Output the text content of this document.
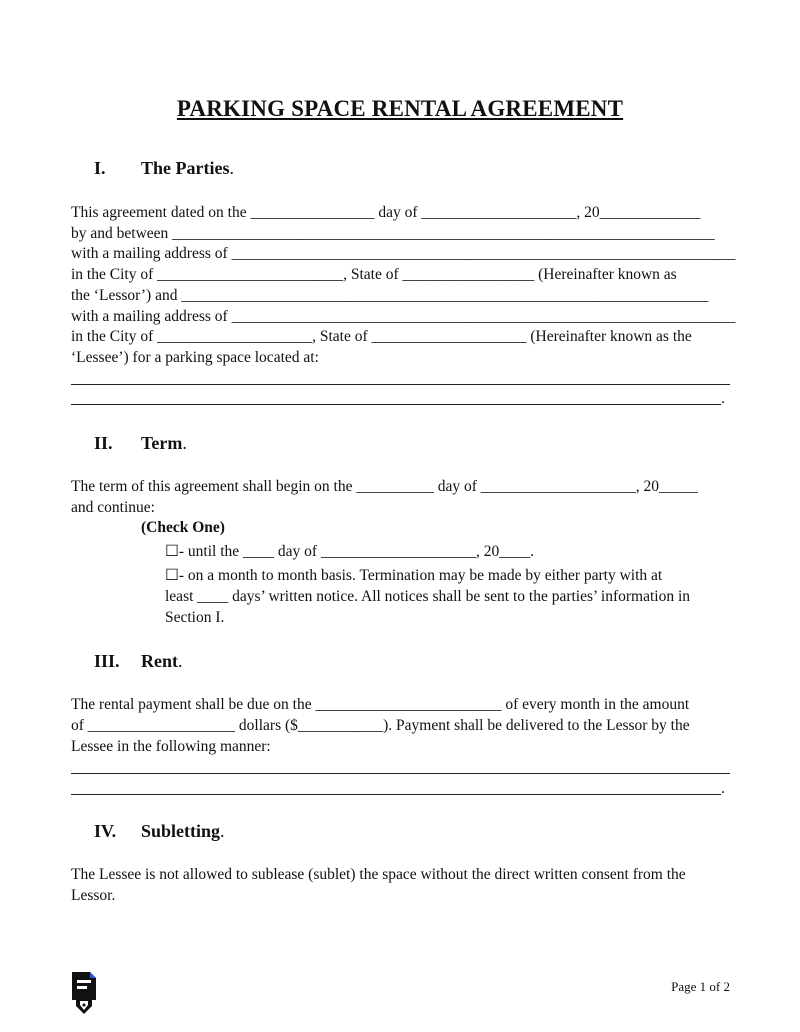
PARKING SPACE RENTAL AGREEMENT
I. The Parties.
This agreement dated on the ________________ day of ____________________, 20_____________
by and between ______________________________________________________________________
with a mailing address of _________________________________________________________________
in the City of ________________________, State of _________________ (Hereinafter known as
the ‘Lessor’) and ____________________________________________________________________
with a mailing address of _________________________________________________________________
in the City of ____________________, State of ____________________ (Hereinafter known as the
‘Lessee’) for a parking space located at:
.
II. Term.
The term of this agreement shall begin on the __________ day of ____________________, 20_____
and continue:
(Check One)
☐- until the ____ day of ____________________, 20____.
☐- on a month to month basis. Termination may be made by either party with at
least ____ days’ written notice. All notices shall be sent to the parties’ information in
Section I.
III. Rent.
The rental payment shall be due on the ________________________ of every month in the amount
of ___________________ dollars ($___________). Payment shall be delivered to the Lessor by the
Lessee in the following manner:
.
IV. Subletting.
The Lessee is not allowed to sublease (sublet) the space without the direct written consent from the
Lessor.
Page 1 of 2
